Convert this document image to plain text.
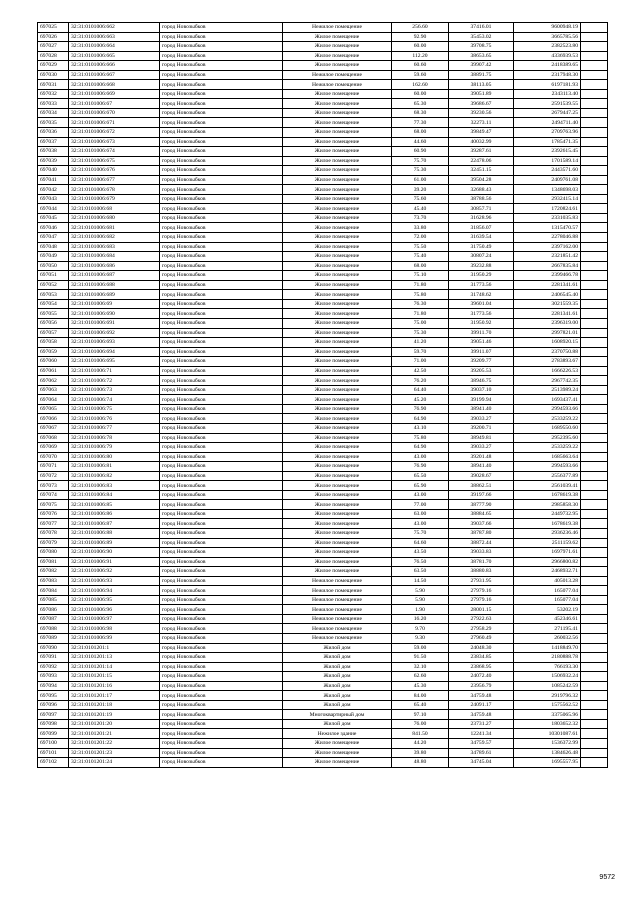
697025	32:31:0101006:662	город Новозыбков	Нежилое помещение	256.60	37416.01	9600948.19	
697026	32:31:0101006:663	город Новозыбков	Жилое помещение	92.90	35453.02	3665785.56	
697027	32:31:0101006:664	город Новозыбков	Жилое помещение	60.00	39708.75	2382523.80	
697028	32:31:0101006:665	город Новозыбков	Жилое помещение	112.20	38653.65	4336939.53	
697029	32:31:0101006:666	город Новозыбков	Жилое помещение	60.60	39907.42	2418389.65	
697030	32:31:0101006:667	город Новозыбков	Нежилое помещение	59.60	38891.75	2317948.30	
697031	32:31:0101006:668	город Новозыбков	Нежилое помещение	162.60	38113.05	6197181.93	
697032	32:31:0101006:669	город Новозыбков	Жилое помещение	60.00	39051.89	2343113.40	
697033	32:31:0101006:67	город Новозыбков	Жилое помещение	65.30	39686.67	2591539.55	
697034	32:31:0101006:670	город Новозыбков	Жилое помещение	68.30	39230.56	2679447.25	
697035	32:31:0101006:671	город Новозыбков	Жилое помещение	77.30	32273.11	2494711.40	
697036	32:31:0101006:672	город Новозыбков	Жилое помещение	68.00	39849.47	2709763.96	
697037	32:31:0101006:673	город Новозыбков	Жилое помещение	44.60	40032.99	1785471.35	
697038	32:31:0101006:674	город Новозыбков	Жилое помещение	60.90	39287.61	2392615.45	
697039	32:31:0101006:675	город Новозыбков	Жилое помещение	75.70	22478.06	1701589.14	
697040	32:31:0101006:676	город Новозыбков	Жилое помещение	75.30	32451.15	2443571.60	
697041	32:31:0101006:677	город Новозыбков	Жилое помещение	61.00	39504.28	2409761.08	
697042	32:31:0101006:678	город Новозыбков	Жилое помещение	39.20	32688.43	1348698.03	
697043	32:31:0101006:679	город Новозыбков	Жилое помещение	75.60	38788.56	2932415.14	
697044	32:31:0101006:68	город Новозыбков	Жилое помещение	45.40	30857.71	1720824.61	
697045	32:31:0101006:680	город Новозыбков	Жилое помещение	73.70	31628.96	2331035.83	
697046	32:31:0101006:681	город Новозыбков	Жилое помещение	33.80	31856.07	1315470.57	
697047	32:31:0101006:682	город Новозыбков	Жилое помещение	72.00	31639.54	2278046.88	
697048	32:31:0101006:683	город Новозыбков	Жилое помещение	75.50	31750.49	2397162.00	
697049	32:31:0101006:684	город Новозыбков	Жилое помещение	75.40	30807.24	2321851.42	
697050	32:31:0101006:686	город Новозыбков	Жилое помещение	68.00	39232.88	2667835.84	
697051	32:31:0101006:687	город Новозыбков	Жилое помещение	75.10	31950.29	2399466.78	
697052	32:31:0101006:688	город Новозыбков	Жилое помещение	71.80	31773.56	2281341.61	
697053	32:31:0101006:689	город Новозыбков	Жилое помещение	75.80	31748.62	2406545.40	
697054	32:31:0101006:69	город Новозыбков	Жилое помещение	76.30	39601.04	3021559.35	
697055	32:31:0101006:690	город Новозыбков	Жилое помещение	71.80	31773.56	2281341.61	
697056	32:31:0101006:691	город Новозыбков	Жилое помещение	75.00	31950.92	2396319.00	
697057	32:31:0101006:692	город Новозыбков	Жилое помещение	75.30	39911.70	2997821.01	
697058	32:31:0101006:693	город Новозыбков	Жилое помещение	41.20	39051.46	1608920.15	
697059	32:31:0101006:694	город Новозыбков	Жилое помещение	59.70	39911.07	2370750.88	
697060	32:31:0101006:695	город Новозыбков	Жилое помещение	71.00	39209.77	2783893.67	
697061	32:31:0101006:71	город Новозыбков	Жилое помещение	42.50	39205.53	1666226.53	
697062	32:31:0101006:72	город Новозыбков	Жилое помещение	76.20	38946.75	2967742.35	
697063	32:31:0101006:73	город Новозыбков	Жилое помещение	64.40	39037.10	2513989.24	
697064	32:31:0101006:74	город Новозыбков	Жилое помещение	45.20	39199.94	1693437.41	
697065	32:31:0101006:75	город Новозыбков	Жилое помещение	76.90	38941.40	2994593.66	
697066	32:31:0101006:76	город Новозыбков	Жилое помещение	64.90	39033.27	2533259.22	
697067	32:31:0101006:77	город Новозыбков	Жилое помещение	43.10	39200.71	1689550.60	
697068	32:31:0101006:78	город Новозыбков	Жилое помещение	75.80	38949.81	2952395.60	
697069	32:31:0101006:79	город Новозыбков	Жилое помещение	64.90	39033.27	2533259.22	
697070	32:31:0101006:80	город Новозыбков	Жилое помещение	43.00	39201.48	1685663.64	
697071	32:31:0101006:81	город Новозыбков	Жилое помещение	76.90	38941.40	2994593.66	
697072	32:31:0101006:82	город Новозыбков	Жилое помещение	65.50	39028.67	2556377.89	
697073	32:31:0101006:83	город Новозыбков	Жилое помещение	65.90	38862.51	2561039.41	
697074	32:31:0101006:84	город Новозыбков	Жилое помещение	43.00	39197.66	1678619.38	
697075	32:31:0101006:85	город Новозыбков	Жилое помещение	77.00	38777.90	2985858.30	
697076	32:31:0101006:86	город Новозыбков	Жилое помещение	63.00	38884.65	2449732.95	
697077	32:31:0101006:87	город Новозыбков	Жилое помещение	43.00	39037.66	1678619.38	
697078	32:31:0101006:88	город Новозыбков	Жилое помещение	75.70	38787.80	2936236.46	
697079	32:31:0101006:89	город Новозыбков	Жилое помещение	64.60	38872.44	2511159.62	
697080	32:31:0101006:90	город Новозыбков	Жилое помещение	43.50	39033.83	1697971.61	
697081	32:31:0101006:91	город Новозыбков	Жилое помещение	76.50	38781.70	2966800.82	
697082	32:31:0101006:92	город Новозыбков	Жилое помещение	63.50	38880.83	2468932.71	
697083	32:31:0101006:93	город Новозыбков	Нежилое помещение	14.50	27931.95	405013.28	
697084	32:31:0101006:94	город Новозыбков	Нежилое помещение	5.90	27979.16	165077.04	
697085	32:31:0101006:95	город Новозыбков	Нежилое помещение	5.90	27979.16	165077.04	
697086	32:31:0101006:96	город Новозыбков	Нежилое помещение	1.90	28001.15	53202.19	
697087	32:31:0101006:97	город Новозыбков	Нежилое помещение	16.20	27922.63	452346.61	
697088	32:31:0101006:98	город Новозыбков	Нежилое помещение	9.70	27958.29	271195.41	
697089	32:31:0101006:99	город Новозыбков	Нежилое помещение	9.30	27960.49	260032.56	
697090	32:31:0101201:1	город Новозыбков	Жилой дом	59.00	24048.30	1418849.70	
697091	32:31:0101201:13	город Новозыбков	Жилой дом	91.50	23834.85	2180888.78	
697092	32:31:0101201:14	город Новозыбков	Жилой дом	32.10	23868.95	766193.30	
697093	32:31:0101201:15	город Новозыбков	Жилой дом	62.60	24072.40	1506932.24	
697094	32:31:0101201:16	город Новозыбков	Жилой дом	45.30	23956.79	1085242.59	
697095	32:31:0101201:17	город Новозыбков	Жилой дом	84.00	34759.48	2919796.32	
697096	32:31:0101201:18	город Новозыбков	Жилой дом	65.40	24091.17	1575562.52	
697097	32:31:0101201:19	город Новозыбков	Многоквартирный дом	97.10	34759.48	3375065.96	
697098	32:31:0101201:20	город Новозыбков	Жилой дом	76.00	23731.27	1803652.32	
697099	32:31:0101201:21	город Новозыбков	Нежилое здание	841.50	12241.34	10301087.61	
697100	32:31:0101201:22	город Новозыбков	Жилое помещение	44.20	34759.57	1536372.99	
697101	32:31:0101201:23	город Новозыбков	Жилое помещение	39.80	34789.61	1384626.48	
697102	32:31:0101201:24	город Новозыбков	Жилое помещение	48.80	34745.04	1695557.95	
9572
